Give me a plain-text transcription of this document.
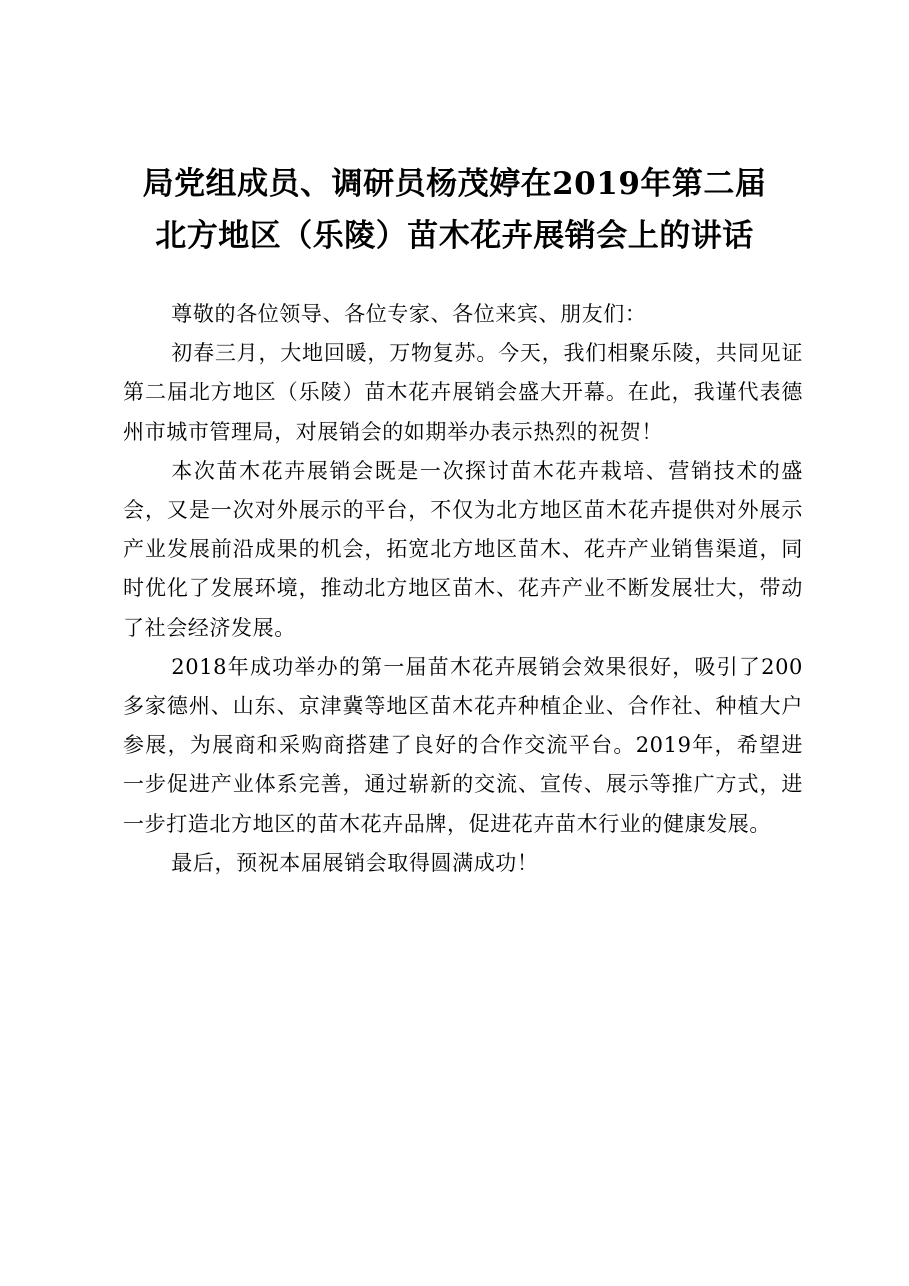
局党组成员、调研员杨茂婷在2019年第二届
北方地区（乐陵）苗木花卉展销会上的讲话

尊敬的各位领导、各位专家、各位来宾、朋友们：

初春三月，大地回暖，万物复苏。今天，我们相聚乐陵，共同见证第二届北方地区（乐陵）苗木花卉展销会盛大开幕。在此，我谨代表德州市城市管理局，对展销会的如期举办表示热烈的祝贺！

本次苗木花卉展销会既是一次探讨苗木花卉栽培、营销技术的盛会，又是一次对外展示的平台，不仅为北方地区苗木花卉提供对外展示产业发展前沿成果的机会，拓宽北方地区苗木、花卉产业销售渠道，同时优化了发展环境，推动北方地区苗木、花卉产业不断发展壮大，带动了社会经济发展。

2018年成功举办的第一届苗木花卉展销会效果很好，吸引了200多家德州、山东、京津冀等地区苗木花卉种植企业、合作社、种植大户参展，为展商和采购商搭建了良好的合作交流平台。2019年，希望进一步促进产业体系完善，通过崭新的交流、宣传、展示等推广方式，进一步打造北方地区的苗木花卉品牌，促进花卉苗木行业的健康发展。

最后，预祝本届展销会取得圆满成功！
